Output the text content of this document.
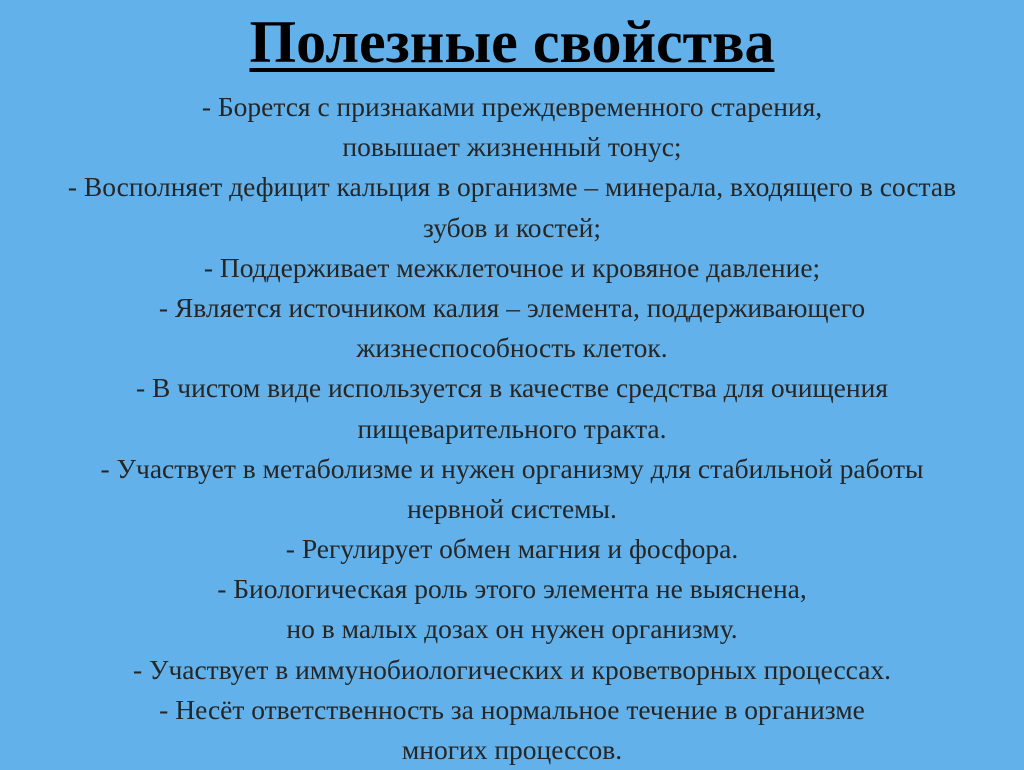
Полезные свойства
- Борется с признаками преждевременного старения,
повышает жизненный тонус;
- Восполняет дефицит кальция в организме – минерала, входящего в состав
зубов и костей;
- Поддерживает межклеточное и кровяное давление;
- Является источником калия – элемента, поддерживающего
жизнеспособность клеток.
- В чистом виде используется в качестве средства для очищения
пищеварительного тракта.
- Участвует в метаболизме и нужен организму для стабильной работы
нервной системы.
- Регулирует обмен магния и фосфора.
- Биологическая роль этого элемента не выяснена,
но в малых дозах он нужен организму.
- Участвует в иммунобиологических и кроветворных процессах.
- Несёт ответственность за нормальное течение в организме
многих процессов.
